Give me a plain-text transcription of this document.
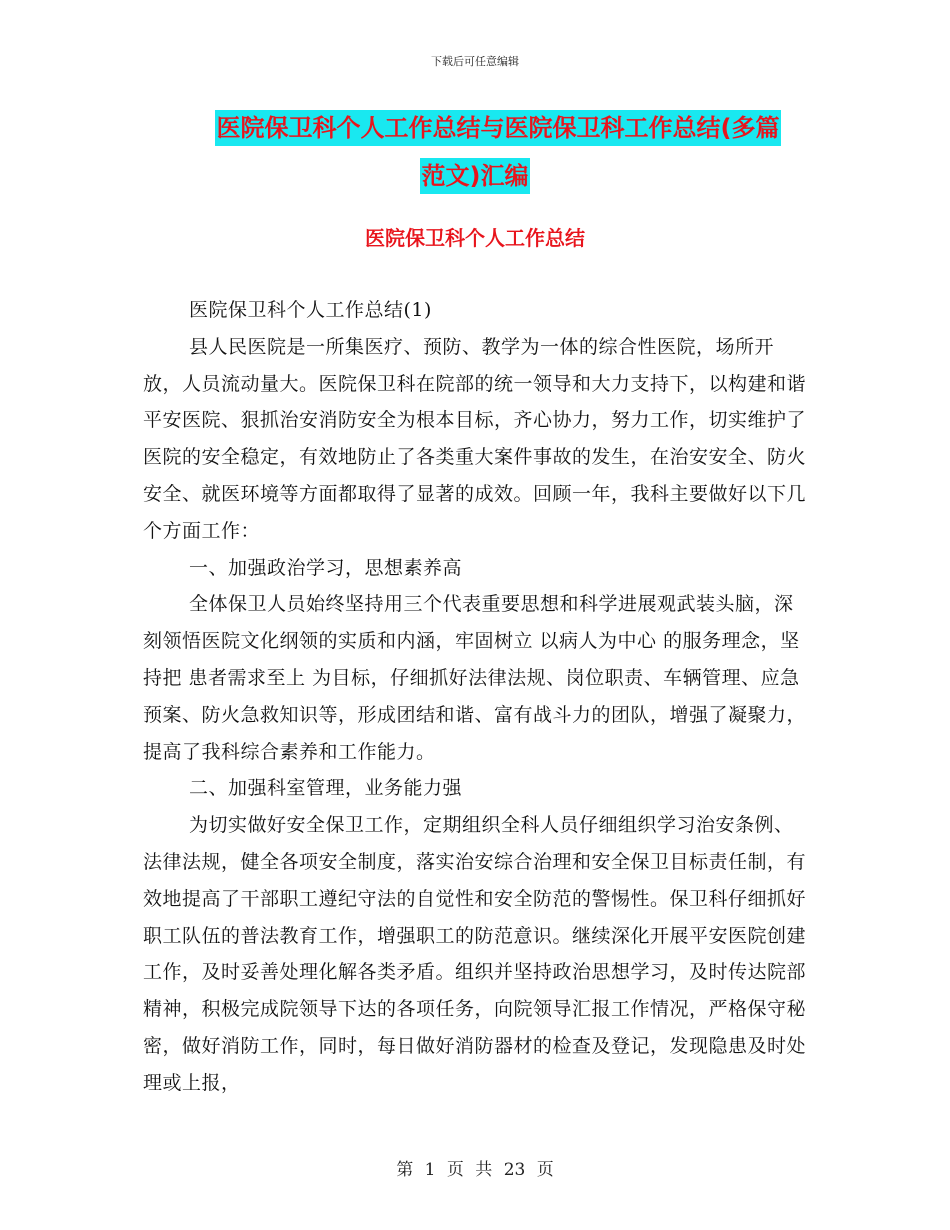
下载后可任意编辑
医院保卫科个人工作总结与医院保卫科工作总结(多篇
范文)汇编
医院保卫科个人工作总结

医院保卫科个人工作总结(1)

县人民医院是一所集医疗、预防、教学为一体的综合性医院，场所开放，人员流动量大。医院保卫科在院部的统一领导和大力支持下，以构建和谐平安医院、狠抓治安消防安全为根本目标，齐心协力，努力工作，切实维护了医院的安全稳定，有效地防止了各类重大案件事故的发生，在治安安全、防火安全、就医环境等方面都取得了显著的成效。回顾一年，我科主要做好以下几个方面工作：

一、加强政治学习，思想素养高

全体保卫人员始终坚持用三个代表重要思想和科学进展观武装头脑，深刻领悟医院文化纲领的实质和内涵，牢固树立 以病人为中心 的服务理念，坚持把 患者需求至上 为目标，仔细抓好法律法规、岗位职责、车辆管理、应急预案、防火急救知识等，形成团结和谐、富有战斗力的团队，增强了凝聚力，提高了我科综合素养和工作能力。

二、加强科室管理，业务能力强

为切实做好安全保卫工作，定期组织全科人员仔细组织学习治安条例、法律法规，健全各项安全制度，落实治安综合治理和安全保卫目标责任制，有效地提高了干部职工遵纪守法的自觉性和安全防范的警惕性。保卫科仔细抓好职工队伍的普法教育工作，增强职工的防范意识。继续深化开展平安医院创建工作，及时妥善处理化解各类矛盾。组织并坚持政治思想学习，及时传达院部精神，积极完成院领导下达的各项任务，向院领导汇报工作情况，严格保守秘密，做好消防工作，同时，每日做好消防器材的检查及登记，发现隐患及时处理或上报，

第 1 页 共 23 页
